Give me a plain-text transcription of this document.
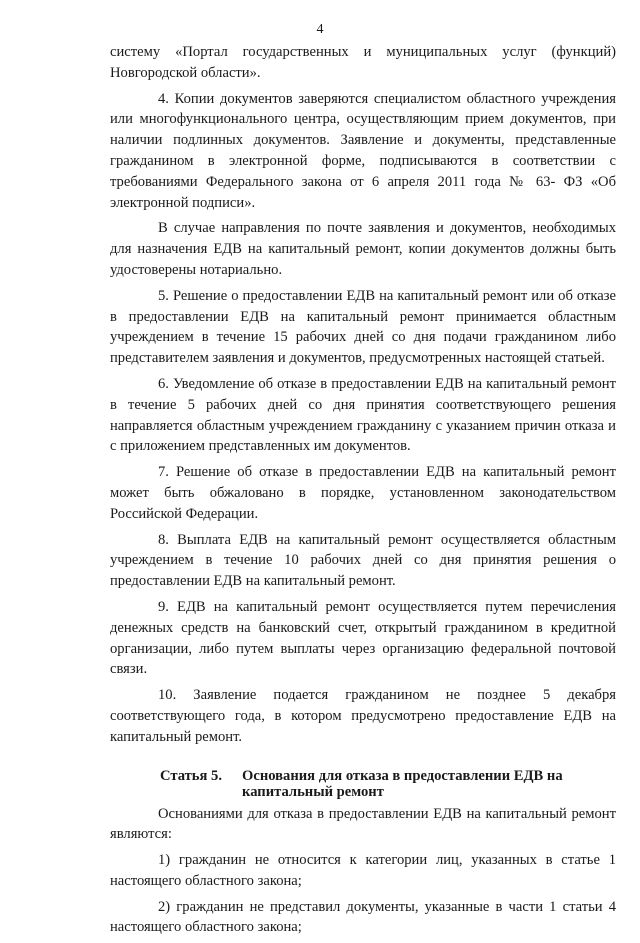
4

системy «Портал государственных и муниципальных услуг (функций) Новгородской области».

4. Копии документов заверяются специалистом областного учреждения или многофункционального центра, осуществляющим прием документов, при наличии подлинных документов. Заявление и документы, представленные гражданином в электронной форме, подписываются в соответствии с требованиями Федерального закона от 6 апреля 2011 года № 63- ФЗ «Об электронной подписи».

В случае направления по почте заявления и документов, необходимых для назначения ЕДВ на капитальный ремонт, копии документов должны быть удостоверены нотариально.

5. Решение о предоставлении ЕДВ на капитальный ремонт или об отказе в предоставлении ЕДВ на капитальный ремонт принимается областным учреждением в течение 15 рабочих дней со дня подачи гражданином либо представителем заявления и документов, предусмотренных настоящей статьей.

6. Уведомление об отказе в предоставлении ЕДВ на капитальный ремонт в течение 5 рабочих дней со дня принятия соответствующего решения направляется областным учреждением гражданину с указанием причин отказа и с приложением представленных им документов.

7. Решение об отказе в предоставлении ЕДВ на капитальный ремонт может быть обжаловано в порядке, установленном законодательством Российской Федерации.

8. Выплата ЕДВ на капитальный ремонт осуществляется областным учреждением в течение 10 рабочих дней со дня принятия решения о предоставлении ЕДВ на капитальный ремонт.

9. ЕДВ на капитальный ремонт осуществляется путем перечисления денежных средств на банковский счет, открытый гражданином в кредитной организации, либо путем выплаты через организацию федеральной почтовой связи.

10. Заявление подается гражданином не позднее 5 декабря соответствующего года, в котором предусмотрено предоставление ЕДВ на капитальный ремонт.

Статья 5.	Основания для отказа в предоставлении ЕДВ на капитальный ремонт

Основаниями для отказа в предоставлении ЕДВ на капитальный ремонт являются:

1) гражданин не относится к категории лиц, указанных в статье 1 настоящего областного закона;

2) гражданин не представил документы, указанные в части 1 статьи 4 настоящего областного закона;
